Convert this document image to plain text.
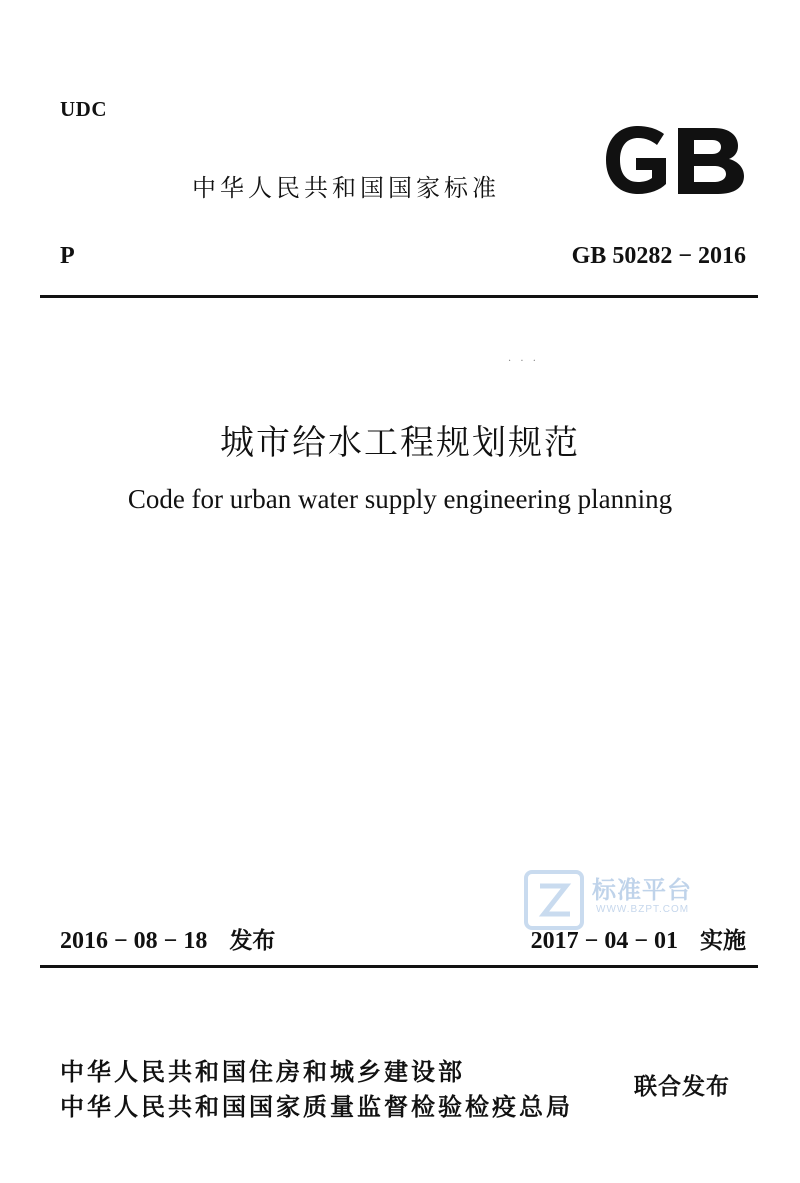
UDC
中华人民共和国国家标准
P	GB 50282 − 2016
· · ·
城市给水工程规划规范
Code for urban water supply engineering planning
标准平台
WWW.BZPT.COM
2016 − 08 − 18 发布	2017 − 04 − 01 实施
中华人民共和国住房和城乡建设部
中华人民共和国国家质量监督检验检疫总局
联合发布
